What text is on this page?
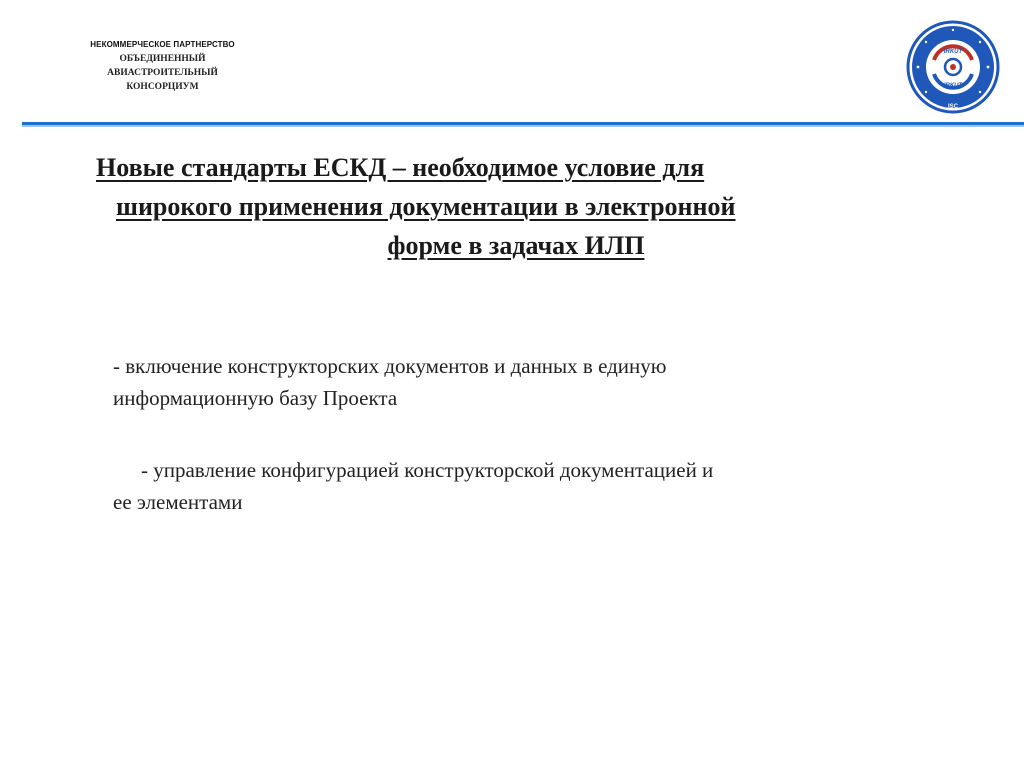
НЕКОММЕРЧЕСКОЕ ПАРТНЕРСТВО
ОБЪЕДИНЕННЫЙ
АВИАСТРОИТЕЛЬНЫЙ
КОНСОРЦИУМ
IRKUT
IRKUT
ISC
Новые стандарты ЕСКД – необходимое условие для
широкого применения документации в электронной
форме в задачах ИЛП
- включение конструкторских документов и данных в единую
информационную базу Проекта
- управление конфигурацией конструкторской документацией и
ее элементами
